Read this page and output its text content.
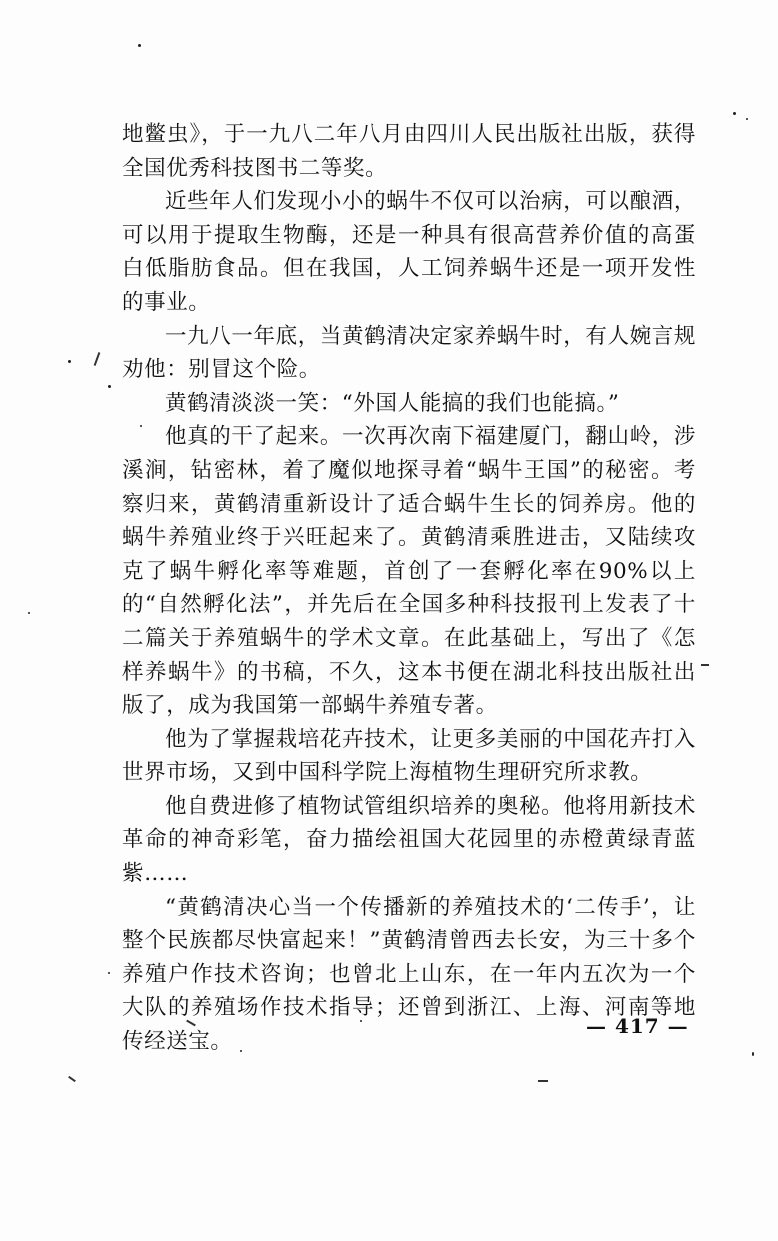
地鳖虫》，于一九八二年八月由四川人民出版社出版，获得全国优秀科技图书二等奖。

近些年人们发现小小的蜗牛不仅可以治病，可以酿酒，可以用于提取生物酶，还是一种具有很高营养价值的高蛋白低脂肪食品。但在我国，人工饲养蜗牛还是一项开发性的事业。

一九八一年底，当黄鹤清决定家养蜗牛时，有人婉言规劝他：别冒这个险。

黄鹤清淡淡一笑：“外国人能搞的我们也能搞。”

他真的干了起来。一次再次南下福建厦门，翻山岭，涉溪涧，钻密林，着了魔似地探寻着“蜗牛王国”的秘密。考察归来，黄鹤清重新设计了适合蜗牛生长的饲养房。他的蜗牛养殖业终于兴旺起来了。黄鹤清乘胜进击，又陆续攻克了蜗牛孵化率等难题，首创了一套孵化率在90%以上的“自然孵化法”，并先后在全国多种科技报刊上发表了十二篇关于养殖蜗牛的学术文章。在此基础上，写出了《怎样养蜗牛》的书稿，不久，这本书便在湖北科技出版社出版了，成为我国第一部蜗牛养殖专著。

他为了掌握栽培花卉技术，让更多美丽的中国花卉打入世界市场，又到中国科学院上海植物生理研究所求教。

他自费进修了植物试管组织培养的奥秘。他将用新技术革命的神奇彩笔，奋力描绘祖国大花园里的赤橙黄绿青蓝紫……

“黄鹤清决心当一个传播新的养殖技术的‘二传手’，让整个民族都尽快富起来！”黄鹤清曾西去长安，为三十多个养殖户作技术咨询；也曾北上山东，在一年内五次为一个大队的养殖场作技术指导；还曾到浙江、上海、河南等地传经送宝。

— 417 —
